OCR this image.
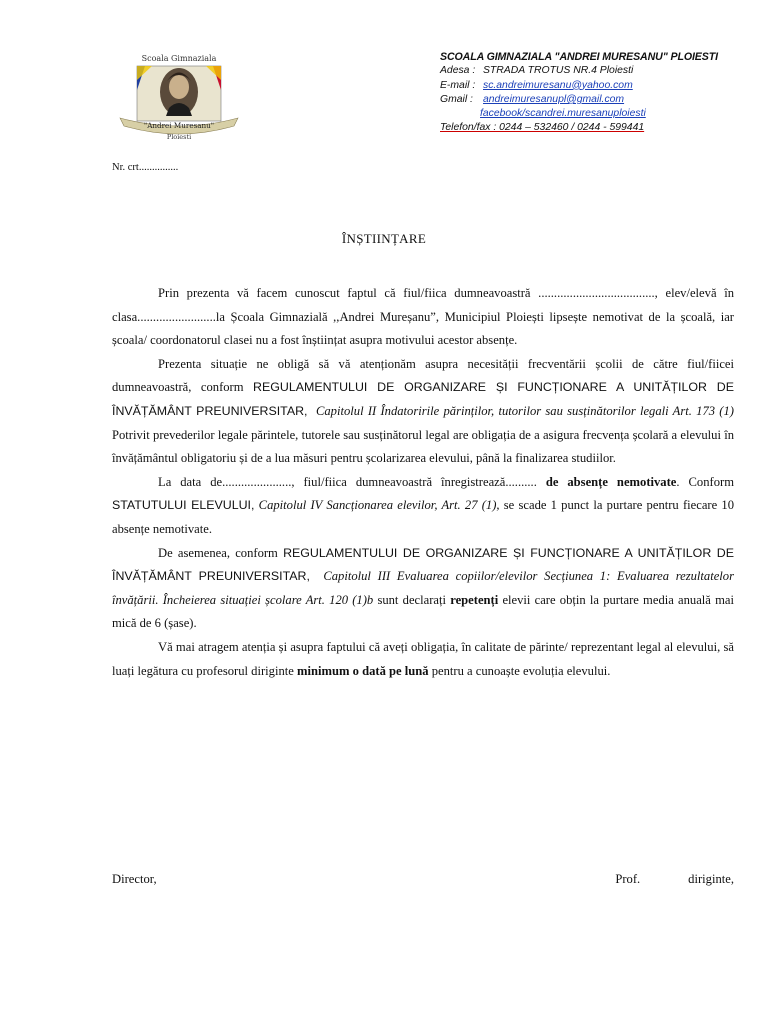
Scoala Gimnaziala
"Andrei Muresanu"
Ploiesti
SCOALA GIMNAZIALA "ANDREI MURESANU" PLOIESTI
Adesa : STRADA TROTUS NR.4 Ploiesti
E-mail : sc.andreimuresanu@yahoo.com
Gmail : andreimuresanupl@gmail.com
facebook/scandrei.muresanuploiesti
Telefon/fax : 0244 – 532460 / 0244 - 599441
Nr. crt...............
ÎNȘTIINȚARE

Prin prezenta vă facem cunoscut faptul că fiul/fiica dumneavoastră ....................................., elev/elevă în clasa.........................la Școala Gimnazială ,,Andrei Mureșanu”, Municipiul Ploiești lipsește nemotivat de la școală, iar școala/ coordonatorul clasei nu a fost înștiințat asupra motivului acestor absențe.

Prezenta situație ne obligă să vă atenționăm asupra necesității frecventării școlii de către fiul/fiicei dumneavoastră, conform REGULAMENTULUI DE ORGANIZARE ȘI FUNCȚIONARE A UNITĂȚILOR DE ÎNVĂȚĂMÂNT PREUNIVERSITAR, Capitolul II Îndatoririle părinților, tutorilor sau susținătorilor legali Art. 173 (1) Potrivit prevederilor legale părintele, tutorele sau susținătorul legal are obligația de a asigura frecvența școlară a elevului în învățământul obligatoriu și de a lua măsuri pentru școlarizarea elevului, până la finalizarea studiilor.

La data de......................, fiul/fiica dumneavoastră înregistrează.......... de absențe nemotivate. Conform STATUTULUI ELEVULUI, Capitolul IV Sancționarea elevilor, Art. 27 (1), se scade 1 punct la purtare pentru fiecare 10 absențe nemotivate.

De asemenea, conform REGULAMENTULUI DE ORGANIZARE ȘI FUNCȚIONARE A UNITĂȚILOR DE ÎNVĂȚĂMÂNT PREUNIVERSITAR, Capitolul III Evaluarea copiilor/elevilor Secțiunea 1: Evaluarea rezultatelor învățării. Încheierea situației școlare Art. 120 (1)b sunt declarați repetenți elevii care obțin la purtare media anuală mai mică de 6 (șase).

Vă mai atragem atenția și asupra faptului că aveți obligația, în calitate de părinte/ reprezentant legal al elevului, să luați legătura cu profesorul diriginte minimum o dată pe lună pentru a cunoaște evoluția elevului.

Director,	Prof.	diriginte,
